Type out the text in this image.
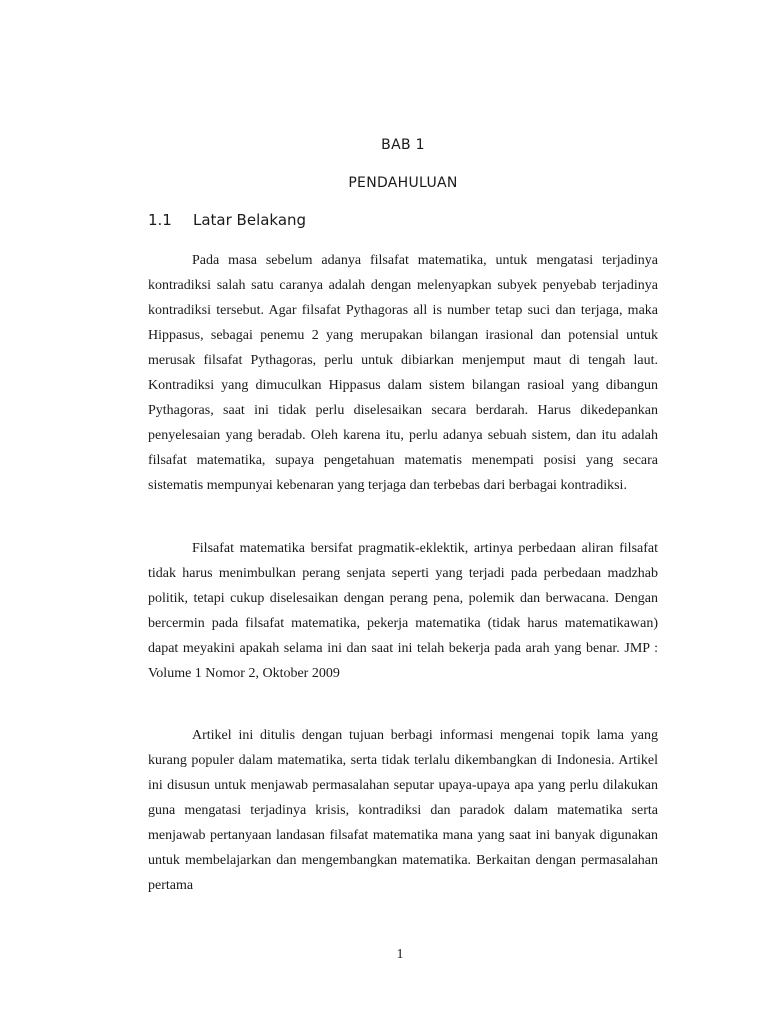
BAB 1
PENDAHULUAN
1.1 Latar Belakang

Pada masa sebelum adanya filsafat matematika, untuk mengatasi terjadinya kontradiksi salah satu caranya adalah dengan melenyapkan subyek penyebab terjadinya kontradiksi tersebut. Agar filsafat Pythagoras all is number tetap suci dan terjaga, maka Hippasus, sebagai penemu 2 yang merupakan bilangan irasional dan potensial untuk merusak filsafat Pythagoras, perlu untuk dibiarkan menjemput maut di tengah laut. Kontradiksi yang dimuculkan Hippasus dalam sistem bilangan rasioal yang dibangun Pythagoras, saat ini tidak perlu diselesaikan secara berdarah. Harus dikedepankan penyelesaian yang beradab. Oleh karena itu, perlu adanya sebuah sistem, dan itu adalah filsafat matematika, supaya pengetahuan matematis menempati posisi yang secara sistematis mempunyai kebenaran yang terjaga dan terbebas dari berbagai kontradiksi.

Filsafat matematika bersifat pragmatik-eklektik, artinya perbedaan aliran filsafat tidak harus menimbulkan perang senjata seperti yang terjadi pada perbedaan madzhab politik, tetapi cukup diselesaikan dengan perang pena, polemik dan berwacana. Dengan bercermin pada filsafat matematika, pekerja matematika (tidak harus matematikawan) dapat meyakini apakah selama ini dan saat ini telah bekerja pada arah yang benar. JMP : Volume 1 Nomor 2, Oktober 2009

Artikel ini ditulis dengan tujuan berbagi informasi mengenai topik lama yang kurang populer dalam matematika, serta tidak terlalu dikembangkan di Indonesia. Artikel ini disusun untuk menjawab permasalahan seputar upaya-upaya apa yang perlu dilakukan guna mengatasi terjadinya krisis, kontradiksi dan paradok dalam matematika serta menjawab pertanyaan landasan filsafat matematika mana yang saat ini banyak digunakan untuk membelajarkan dan mengembangkan matematika. Berkaitan dengan permasalahan pertama

1
